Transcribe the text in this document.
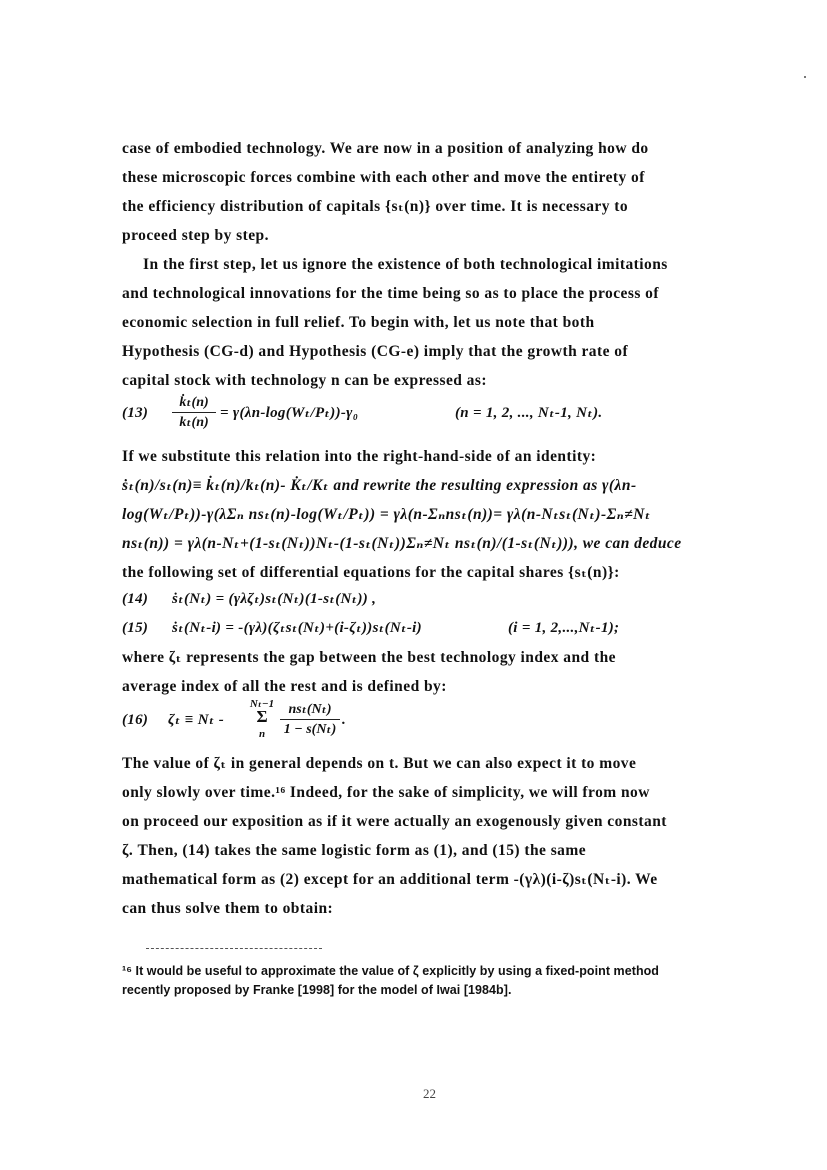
case of embodied technology. We are now in a position of analyzing how do
these microscopic forces combine with each other and move the entirety of
the efficiency distribution of capitals {sₜ(n)} over time. It is necessary to
proceed step by step.
In the first step, let us ignore the existence of both technological imitations
and technological innovations for the time being so as to place the process of
economic selection in full relief. To begin with, let us note that both
Hypothesis (CG-d) and Hypothesis (CG-e) imply that the growth rate of
capital stock with technology n can be expressed as:
(13)
k̇ₜ(n)
kₜ(n)
= γ(λn-log(Wₜ/Pₜ))-γ₀	(n = 1, 2, ..., Nₜ-1, Nₜ).
If we substitute this relation into the right-hand-side of an identity:
ṡₜ(n)/sₜ(n)≡ k̇ₜ(n)/kₜ(n)- K̇ₜ/Kₜ and rewrite the resulting expression as γ(λn-
log(Wₜ/Pₜ))-γ(λΣₙ nsₜ(n)-log(Wₜ/Pₜ)) = γλ(n-Σₙnsₜ(n))= γλ(n-Nₜsₜ(Nₜ)-Σₙ≠Nₜ
nsₜ(n)) = γλ(n-Nₜ+(1-sₜ(Nₜ))Nₜ-(1-sₜ(Nₜ))Σₙ≠Nₜ nsₜ(n)/(1-sₜ(Nₜ))), we can deduce
the following set of differential equations for the capital shares {sₜ(n)}:
(14) ṡₜ(Nₜ) = (γλζₜ)sₜ(Nₜ)(1-sₜ(Nₜ)) ,
(15) ṡₜ(Nₜ-i) = -(γλ)(ζₜsₜ(Nₜ)+(i-ζₜ))sₜ(Nₜ-i)	(i = 1, 2,...,Nₜ-1);
where ζₜ represents the gap between the best technology index and the
average index of all the rest and is defined by:
(16) ζₜ ≡ Nₜ -
Nₜ−1
Σ
n
nsₜ(Nₜ)
1 − s(Nₜ)
.
The value of ζₜ in general depends on t. But we can also expect it to move
only slowly over time.¹⁶ Indeed, for the sake of simplicity, we will from now
on proceed our exposition as if it were actually an exogenously given constant
ζ. Then, (14) takes the same logistic form as (1), and (15) the same
mathematical form as (2) except for an additional term -(γλ)(i-ζ)sₜ(Nₜ-i). We
can thus solve them to obtain:
¹⁶ It would be useful to approximate the value of ζ explicitly by using a fixed-point method
recently proposed by Franke [1998] for the model of Iwai [1984b].
22
